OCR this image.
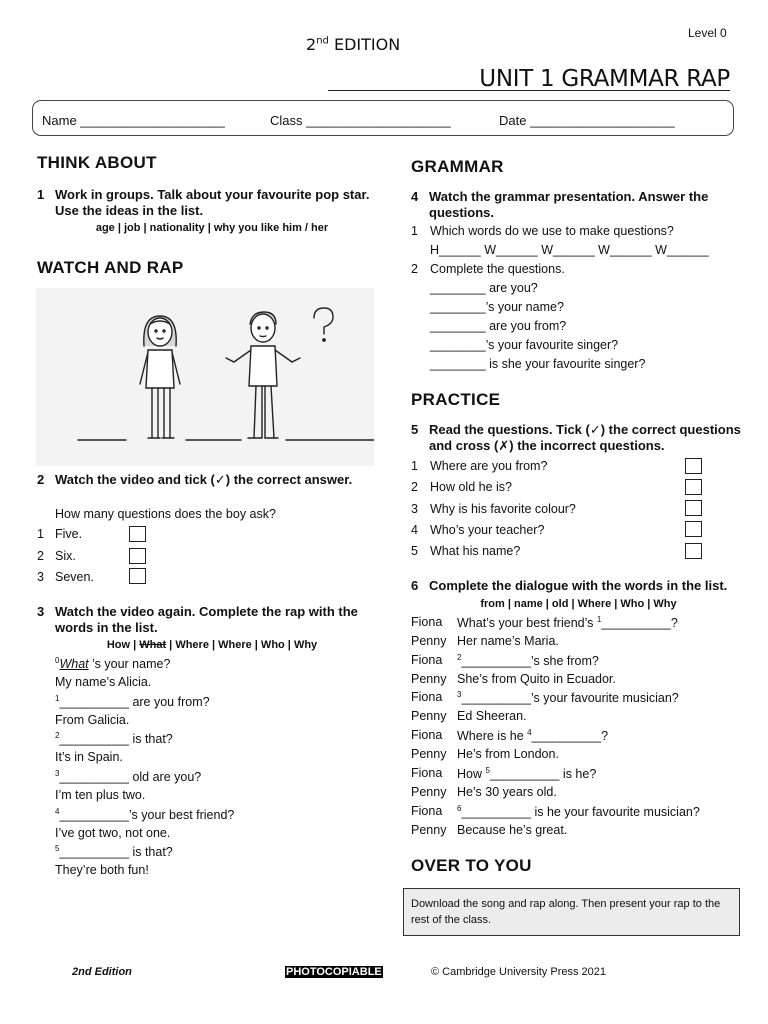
Level 0
2nd EDITION
UNIT 1 GRAMMAR RAP
Name ____________________	Class ____________________	Date ____________________
THINK ABOUT
1 Work in groups. Talk about your favourite pop star. Use the ideas in the list.
age | job | nationality | why you like him / her
WATCH AND RAP
2 Watch the video and tick (✓) the correct answer.
How many questions does the boy ask?
1 Five.
2 Six.
3 Seven.
3 Watch the video again. Complete the rap with the words in the list.
How | What | Where | Where | Who | Why
$^0$What ’s your name?
My name’s Alicia.
$^1$__________ are you from?
From Galicia.
$^2$__________ is that?
It’s in Spain.
$^3$__________ old are you?
I’m ten plus two.
$^4$__________’s your best friend?
I’ve got two, not one.
$^5$__________ is that?
They’re both fun!
GRAMMAR
4 Watch the grammar presentation. Answer the questions.
1 Which words do we use to make questions?
H______ W______ W______ W______ W______
2 Complete the questions.
________ are you?
________’s your name?
________ are you from?
________’s your favourite singer?
________ is she your favourite singer?
PRACTICE
5 Read the questions. Tick (✓) the correct questions and cross (✗) the incorrect questions.
1 Where are you from?
2 How old he is?
3 Why is his favorite colour?
4 Who’s your teacher?
5 What his name?
6 Complete the dialogue with the words in the list.
from | name | old | Where | Who | Why
Fiona What’s your best friend’s $^1$__________?
Penny Her name’s Maria.
Fiona $^2$__________’s she from?
Penny She’s from Quito in Ecuador.
Fiona $^3$__________’s your favourite musician?
Penny Ed Sheeran.
Fiona Where is he $^4$__________?
Penny He’s from London.
Fiona How $^5$__________ is he?
Penny He’s 30 years old.
Fiona $^6$__________ is he your favourite musician?
Penny Because he’s great.
OVER TO YOU
Download the song and rap along. Then present your rap to the rest of the class.
2nd Edition	PHOTOCOPIABLE	© Cambridge University Press 2021
